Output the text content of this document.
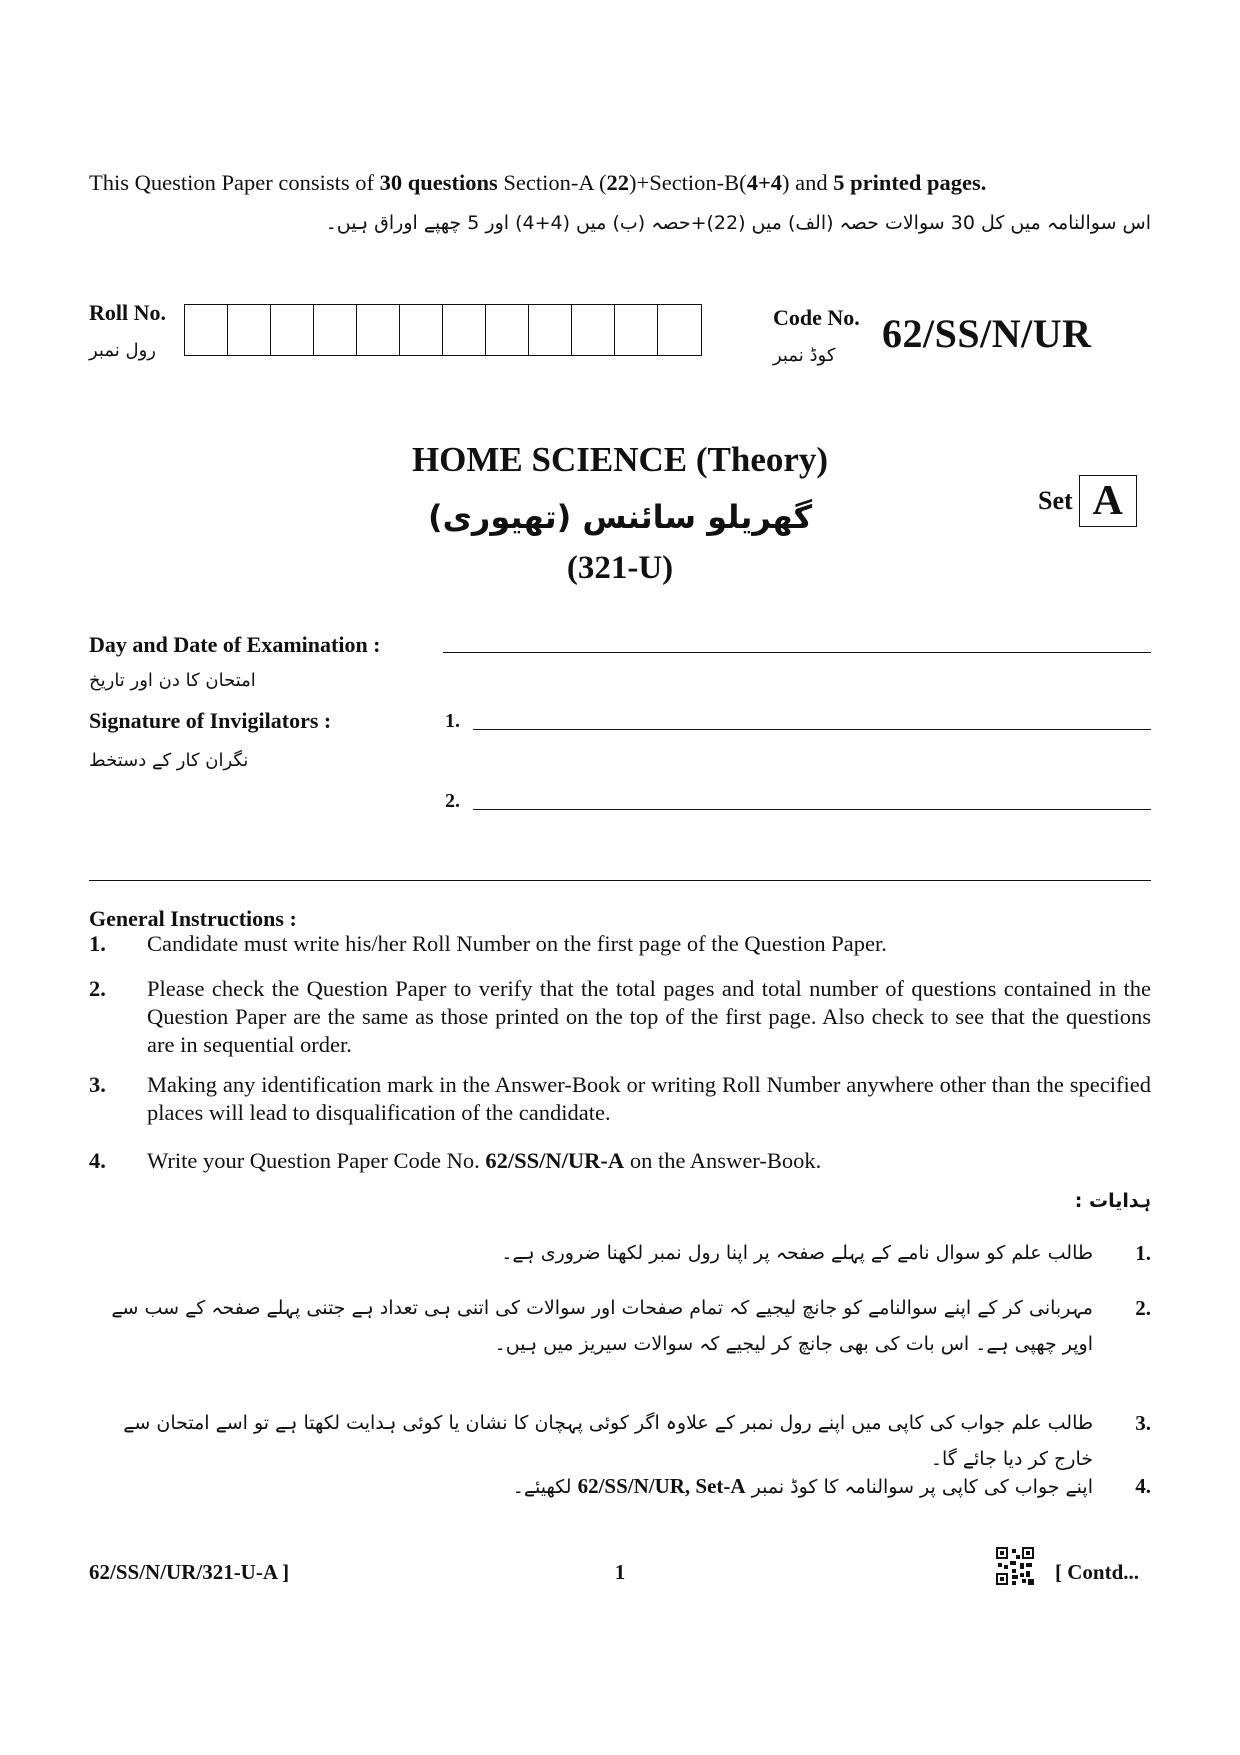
This Question Paper consists of 30 questions Section-A (22)+Section-B(4+4) and 5 printed pages.
اس سوالنامہ میں کل 30 سوالات حصہ (الف) میں (22)+حصہ (ب) میں (4+4) اور 5 چھپے اوراق ہیں۔
Roll No.
رول نمبر
Code No.
کوڈ نمبر 62/SS/N/UR
HOME SCIENCE (Theory)
گھریلو سائنس (تھیوری)
(321-U)
Set A
Day and Date of Examination :
امتحان کا دن اور تاریخ
Signature of Invigilators :
نگران کار کے دستخط
1.
2.
General Instructions :
1. Candidate must write his/her Roll Number on the first page of the Question Paper.
2. Please check the Question Paper to verify that the total pages and total number of questions contained in the Question Paper are the same as those printed on the top of the first page. Also check to see that the questions are in sequential order.
3. Making any identification mark in the Answer-Book or writing Roll Number anywhere other than the specified places will lead to disqualification of the candidate.
4. Write your Question Paper Code No. 62/SS/N/UR-A on the Answer-Book.
ہدایات :
1.
طالب علم کو سوال نامے کے پہلے صفحہ پر اپنا رول نمبر لکھنا ضروری ہے۔
2.
مہربانی کر کے اپنے سوالنامے کو جانچ لیجیے کہ تمام صفحات اور سوالات کی اتنی ہی تعداد ہے جتنی پہلے صفحہ کے سب سے اوپر چھپی ہے۔ اس بات کی بھی جانچ کر لیجیے کہ سوالات سیریز میں ہیں۔
3.
طالب علم جواب کی کاپی میں اپنے رول نمبر کے علاوہ اگر کوئی پہچان کا نشان یا کوئی ہدایت لکھتا ہے تو اسے امتحان سے خارج کر دیا جائے گا۔
4.
اپنے جواب کی کاپی پر سوالنامہ کا کوڈ نمبر 62/SS/N/UR, Set-A لکھیئے۔
62/SS/N/UR/321-U-A ]	1	[ Contd...
